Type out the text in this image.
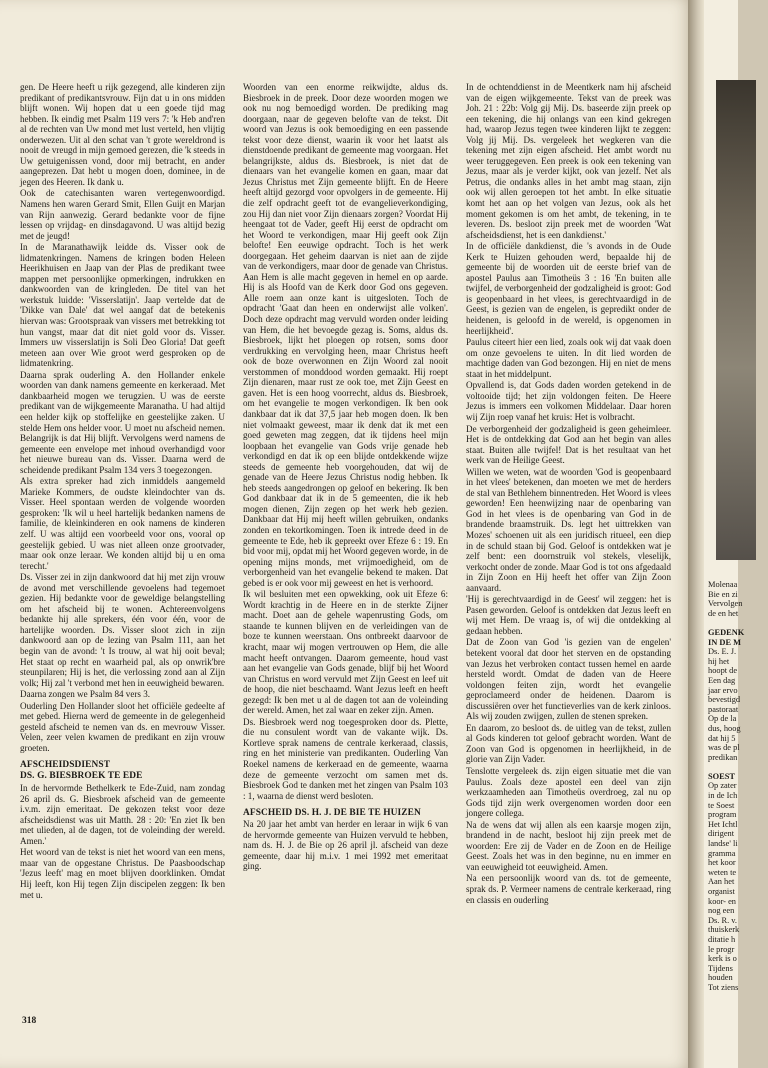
gen. De Heere heeft u rijk gezegend, alle kinderen zijn predikant of predikantsvrouw. Fijn dat u in ons midden blijft wonen. Wij hopen dat u een goede tijd mag hebben. Ik eindig met Psalm 119 vers 7: 'k Heb and'ren al de rechten van Uw mond met lust verteld, hen vlijtig onderwezen. Uit al den schat van 't grote wereldrond is nooit de vreugd in mijn gemoed gerezen, die 'k steeds in Uw getuigenissen vond, door mij betracht, en ander aangeprezen. Dat hebt u mogen doen, dominee, in de jegen des Heeren. Ik dank u.

Ook de catechisanten waren vertegenwoordigd. Namens hen waren Gerard Smit, Ellen Guijt en Marjan van Rijn aanwezig. Gerard bedankte voor de fijne lessen op vrijdag- en dinsdagavond. U was altijd bezig met de jeugd!

In de Maranathawijk leidde ds. Visser ook de lidmatenkringen. Namens de kringen boden Heleen Heerikhuisen en Jaap van der Plas de predikant twee mappen met persoonlijke opmerkingen, indrukken en dankwoorden van de kringleden. De titel van het werkstuk luidde: 'Visserslatijn'. Jaap vertelde dat de 'Dikke van Dale' dat wel aangaf dat de betekenis hiervan was: Grootspraak van vissers met betrekking tot hun vangst, maar dat dit niet gold voor ds. Visser. Immers uw visserslatijn is Soli Deo Gloria! Dat geeft meteen aan over Wie groot werd gesproken op de lidmatenkring.

Daarna sprak ouderling A. den Hollander enkele woorden van dank namens gemeente en kerkeraad. Met dankbaarheid mogen we terugzien. U was de eerste predikant van de wijkgemeente Maranatha. U had altijd een helder kijk op stoffelijke en geestelijke zaken. U stelde Hem ons helder voor. U moet nu afscheid nemen. Belangrijk is dat Hij blijft. Vervolgens werd namens de gemeente een envelope met inhoud overhandigd voor het nieuwe bureau van ds. Visser. Daarna werd de scheidende predikant Psalm 134 vers 3 toegezongen.

Als extra spreker had zich inmiddels aangemeld Marieke Kommers, de oudste kleindochter van ds. Visser. Heel spontaan werden de volgende woorden gesproken: 'Ik wil u heel hartelijk bedanken namens de familie, de kleinkinderen en ook namens de kinderen zelf. U was altijd een voorbeeld voor ons, vooral op geestelijk gebied. U was niet alleen onze grootvader, maar ook onze leraar. We konden altijd bij u en oma terecht.'

Ds. Visser zei in zijn dankwoord dat hij met zijn vrouw de avond met verschillende gevoelens had tegemoet gezien. Hij bedankte voor de geweldige belangstelling om het afscheid bij te wonen. Achtereenvolgens bedankte hij alle sprekers, één voor één, voor de hartelijke woorden. Ds. Visser sloot zich in zijn dankwoord aan op de lezing van Psalm 111, aan het begin van de avond: 't Is trouw, al wat hij ooit beval; Het staat op recht en waarheid pal, als op onwrik'bre steunpilaren; Hij is het, die verlossing zond aan al Zijn volk; Hij zal 't verbond met hen in eeuwigheid bewaren.

Daarna zongen we Psalm 84 vers 3.

Ouderling Den Hollander sloot het officiële gedeelte af met gebed. Hierna werd de gemeente in de gelegenheid gesteld afscheid te nemen van ds. en mevrouw Visser. Velen, zeer velen kwamen de predikant en zijn vrouw groeten.

AFSCHEIDSDIENST
DS. G. BIESBROEK TE EDE

In de hervormde Bethelkerk te Ede-Zuid, nam zondag 26 april ds. G. Biesbroek afscheid van de gemeente i.v.m. zijn emeritaat. De gekozen tekst voor deze afscheidsdienst was uit Matth. 28 : 20: 'En ziet Ik ben met ulieden, al de dagen, tot de voleinding der wereld. Amen.'

Het woord van de tekst is niet het woord van een mens, maar van de opgestane Christus. De Paasboodschap 'Jezus leeft' mag en moet blijven doorklinken. Omdat Hij leeft, kon Hij tegen Zijn discipelen zeggen: Ik ben met u.

Woorden van een enorme reikwijdte, aldus ds. Biesbroek in de preek. Door deze woorden mogen we ook nu nog bemoedigd worden. De prediking mag doorgaan, naar de gegeven belofte van de tekst. Dit woord van Jezus is ook bemoediging en een passende tekst voor deze dienst, waarin ik voor het laatst als dienstdoende predikant de gemeente mag voorgaan. Het belangrijkste, aldus ds. Biesbroek, is niet dat de dienaars van het evangelie komen en gaan, maar dat Jezus Christus met Zijn gemeente blijft. En de Heere heeft altijd gezorgd voor opvolgers in de gemeente. Hij die zelf opdracht geeft tot de evangelieverkondiging, zou Hij dan niet voor Zijn dienaars zorgen? Voordat Hij heengaat tot de Vader, geeft Hij eerst de opdracht om het Woord te verkondigen, maar Hij geeft ook Zijn belofte! Een eeuwige opdracht. Toch is het werk doorgegaan. Het geheim daarvan is niet aan de zijde van de verkondigers, maar door de genade van Christus. Aan Hem is alle macht gegeven in hemel en op aarde. Hij is als Hoofd van de Kerk door God ons gegeven. Alle roem aan onze kant is uitgesloten. Toch de opdracht 'Gaat dan heen en onderwijst alle volken'. Doch deze opdracht mag vervuld worden onder leiding van Hem, die het bevoegde gezag is. Soms, aldus ds. Biesbroek, lijkt het ploegen op rotsen, soms door verdrukking en vervolging heen, maar Christus heeft ook de boze overwonnen en Zijn Woord zal nooit verstommen of monddood worden gemaakt. Hij roept Zijn dienaren, maar rust ze ook toe, met Zijn Geest en gaven. Het is een hoog voorrecht, aldus ds. Biesbroek, om het evangelie te mogen verkondigen. Ik ben ook dankbaar dat ik dat 37,5 jaar heb mogen doen. Ik ben niet volmaakt geweest, maar ik denk dat ik met een goed geweten mag zeggen, dat ik tijdens heel mijn loopbaan het evangelie van Gods vrije genade heb verkondigd en dat ik op een blijde ontdekkende wijze steeds de gemeente heb voorgehouden, dat wij de genade van de Heere Jezus Christus nodig hebben. Ik heb steeds aangedrongen op geloof en bekering. Ik ben God dankbaar dat ik in de 5 gemeenten, die ik heb mogen dienen, Zijn zegen op het werk heb gezien. Dankbaar dat Hij mij heeft willen gebruiken, ondanks zonden en tekortkomingen. Toen ik intrede deed in de gemeente te Ede, heb ik gepreekt over Efeze 6 : 19. En bid voor mij, opdat mij het Woord gegeven worde, in de opening mijns monds, met vrijmoedigheid, om de verborgenheid van het evangelie bekend te maken. Dat gebed is er ook voor mij geweest en het is verhoord.

Ik wil besluiten met een opwekking, ook uit Efeze 6: Wordt krachtig in de Heere en in de sterkte Zijner macht. Doet aan de gehele wapenrusting Gods, om staande te kunnen blijven en de verleidingen van de boze te kunnen weerstaan. Ons ontbreekt daarvoor de kracht, maar wij mogen vertrouwen op Hem, die alle macht heeft ontvangen. Daarom gemeente, houd vast aan het evangelie van Gods genade, blijf bij het Woord van Christus en word vervuld met Zijn Geest en leef uit de hoop, die niet beschaamd. Want Jezus leeft en heeft gezegd: Ik ben met u al de dagen tot aan de voleinding der wereld. Amen, het zal waar en zeker zijn. Amen.

Ds. Biesbroek werd nog toegesproken door ds. Plette, die nu consulent wordt van de vakante wijk. Ds. Kortleve sprak namens de centrale kerkeraad, classis, ring en het ministerie van predikanten. Ouderling Van Roekel namens de kerkeraad en de gemeente, waarna deze de gemeente verzocht om samen met ds. Biesbroek God te danken met het zingen van Psalm 103 : 1, waarna de dienst werd besloten.

AFSCHEID DS. H. J. DE BIE TE HUIZEN

Na 20 jaar het ambt van herder en leraar in wijk 6 van de hervormde gemeente van Huizen vervuld te hebben, nam ds. H. J. de Bie op 26 april jl. afscheid van deze gemeente, daar hij m.i.v. 1 mei 1992 met emeritaat ging.

In de ochtenddienst in de Meentkerk nam hij afscheid van de eigen wijkgemeente. Tekst van de preek was Joh. 21 : 22b: Volg gij Mij. Ds. baseerde zijn preek op een tekening, die hij onlangs van een kind gekregen had, waarop Jezus tegen twee kinderen lijkt te zeggen: Volg jij Mij. Ds. vergeleek het wegkeren van die tekening met zijn eigen afscheid. Het ambt wordt nu weer teruggegeven. Een preek is ook een tekening van Jezus, maar als je verder kijkt, ook van jezelf. Net als Petrus, die ondanks alles in het ambt mag staan, zijn ook wij allen geroepen tot het ambt. In elke situatie komt het aan op het volgen van Jezus, ook als het moment gekomen is om het ambt, de tekening, in te leveren. Ds. besloot zijn preek met de woorden 'Wat afscheidsdienst, het is een dankdienst.'

In de officiële dankdienst, die 's avonds in de Oude Kerk te Huizen gehouden werd, bepaalde hij de gemeente bij de woorden uit de eerste brief van de apostel Paulus aan Timotheüs 3 : 16 'En buiten alle twijfel, de verborgenheid der godzaligheid is groot: God is geopenbaard in het vlees, is gerechtvaardigd in de Geest, is gezien van de engelen, is gepredikt onder de heidenen, is geloofd in de wereld, is opgenomen in heerlijkheid'.

Paulus citeert hier een lied, zoals ook wij dat vaak doen om onze gevoelens te uiten. In dit lied worden de machtige daden van God bezongen. Hij en niet de mens staat in het middelpunt.

Opvallend is, dat Gods daden worden getekend in de voltooide tijd; het zijn voldongen feiten. De Heere Jezus is immers een volkomen Middelaar. Daar horen wij Zijn roep vanaf het kruis: Het is volbracht.

De verborgenheid der godzaligheid is geen geheimleer. Het is de ontdekking dat God aan het begin van alles staat. Buiten alle twijfel! Dat is het resultaat van het werk van de Heilige Geest.

Willen we weten, wat de woorden 'God is geopenbaard in het vlees' betekenen, dan moeten we met de herders de stal van Bethlehem binnentreden. Het Woord is vlees geworden! Een heenwijzing naar de openbaring van God in het vlees is de openbaring van God in de brandende braamstruik. Ds. legt het uittrekken van Mozes' schoenen uit als een juridisch ritueel, een diep in de schuld staan bij God. Geloof is ontdekken wat je zelf bent: een doornstruik vol stekels, vleselijk, verkocht onder de zonde. Maar God is tot ons afgedaald in Zijn Zoon en Hij heeft het offer van Zijn Zoon aanvaard.

'Hij is gerechtvaardigd in de Geest' wil zeggen: het is Pasen geworden. Geloof is ontdekken dat Jezus leeft en wij met Hem. De vraag is, of wij die ontdekking al gedaan hebben.

Dat de Zoon van God 'is gezien van de engelen' betekent vooral dat door het sterven en de opstanding van Jezus het verbroken contact tussen hemel en aarde hersteld wordt. Omdat de daden van de Heere voldongen feiten zijn, wordt het evangelie geproclameerd onder de heidenen. Daarom is discussiëren over het functieverlies van de kerk zinloos. Als wij zouden zwijgen, zullen de stenen spreken.

En daarom, zo besloot ds. de uitleg van de tekst, zullen al Gods kinderen tot geloof gebracht worden. Want de Zoon van God is opgenomen in heerlijkheid, in de glorie van Zijn Vader.

Tenslotte vergeleek ds. zijn eigen situatie met die van Paulus. Zoals deze apostel een deel van zijn werkzaamheden aan Timotheüs overdroeg, zal nu op Gods tijd zijn werk overgenomen worden door een jongere collega.

Na de wens dat wij allen als een kaarsje mogen zijn, brandend in de nacht, besloot hij zijn preek met de woorden: Ere zij de Vader en de Zoon en de Heilige Geest. Zoals het was in den beginne, nu en immer en van eeuwigheid tot eeuwigheid. Amen.

Na een persoonlijk woord van ds. tot de gemeente, sprak ds. P. Vermeer namens de centrale kerkeraad, ring en classis en ouderling

318
Molenaa
Bie en zi
Vervolgen
de en het
GEDENK
IN DE M
Ds. E. J.
hij het
hoopt de
Een dag
jaar ervo
bevestigd
pastoraat
Op de la
dus, hoog
dat hij 5
was de pl
predikan
SOEST
Op zater
in de Ich
te Soest
program
Het Ichtl
dirigent
landse' li
gramma
het koor
weten te
Aan het
organist
koor- en
nog een
Ds. R. v.
thuiskerk
ditatie h
le progr
kerk is o
Tijdens
houden
Tot ziens
